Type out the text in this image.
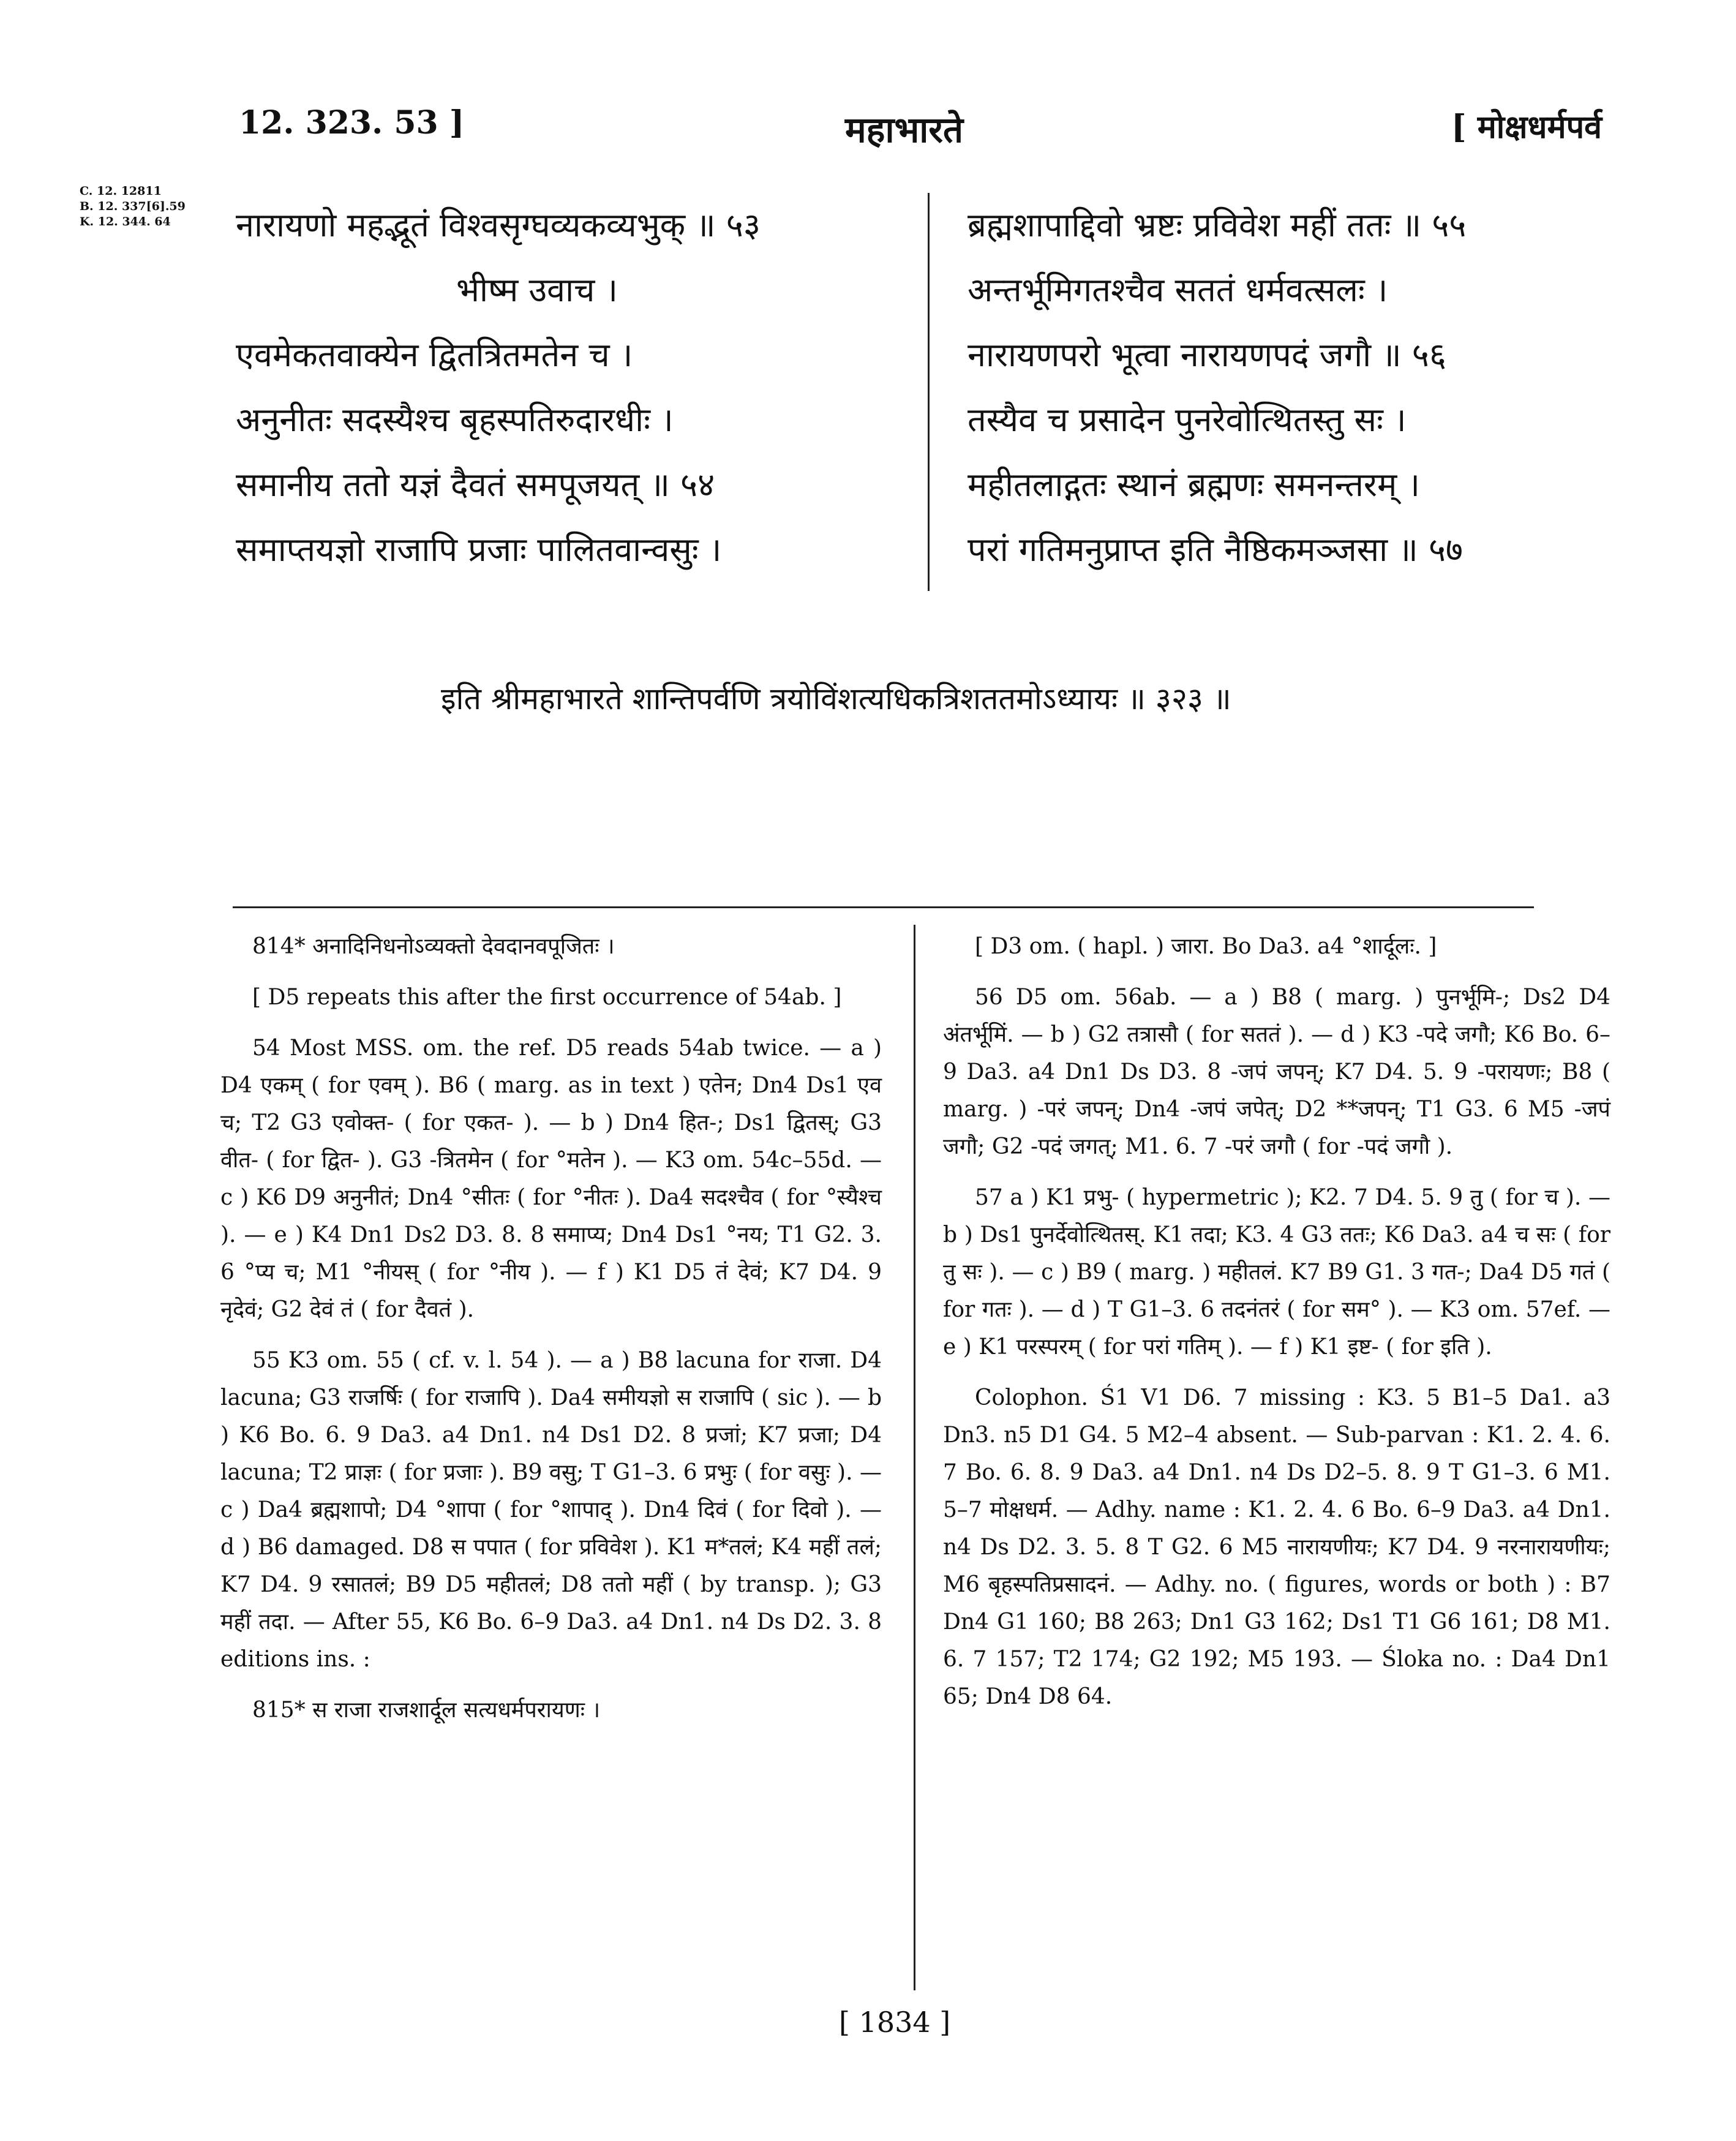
12. 323. 53 ]	महाभारते	[ मोक्षधर्मपर्व
C. 12. 12811
B. 12. 337[6].59
K. 12. 344. 64	नारायणो महद्भूतं विश्वसृग्घव्यकव्यभुक् ॥ ५३
भीष्म उवाच ।
एवमेकतवाक्येन द्वितत्रितमतेन च ।
अनुनीतः सदस्यैश्च बृहस्पतिरुदारधीः ।
समानीय ततो यज्ञं दैवतं समपूजयत् ॥ ५४
समाप्तयज्ञो राजापि प्रजाः पालितवान्वसुः ।
ब्रह्मशापाद्दिवो भ्रष्टः प्रविवेश महीं ततः ॥ ५५
अन्तर्भूमिगतश्चैव सततं धर्मवत्सलः ।
नारायणपरो भूत्वा नारायणपदं जगौ ॥ ५६
तस्यैव च प्रसादेन पुनरेवोत्थितस्तु सः ।
महीतलाद्गतः स्थानं ब्रह्मणः समनन्तरम् ।
परां गतिमनुप्राप्त इति नैष्ठिकमञ्जसा ॥ ५७
इति श्रीमहाभारते शान्तिपर्वणि त्रयोविंशत्यधिकत्रिशततमोऽध्यायः ॥ ३२३ ॥

814* अनादिनिधनोऽव्यक्तो देवदानवपूजितः ।

[ D5 repeats this after the first occurrence of 54ab. ]

54 Most MSS. om. the ref. D5 reads 54ab twice. — a ) D4 एकम् ( for एवम् ). B6 ( marg. as in text ) एतेन; Dn4 Ds1 एव च; T2 G3 एवोक्त- ( for एकत- ). — b ) Dn4 हित-; Ds1 द्वितस्; G3 वीत- ( for द्वित- ). G3 -त्रितमेन ( for °मतेन ). — K3 om. 54c–55d. — c ) K6 D9 अनुनीतं; Dn4 °सीतः ( for °नीतः ). Da4 सदश्चैव ( for °स्यैश्च ). — e ) K4 Dn1 Ds2 D3. 8. 8 समाप्य; Dn4 Ds1 °नय; T1 G2. 3. 6 °प्य च; M1 °नीयस् ( for °नीय ). — f ) K1 D5 तं देवं; K7 D4. 9 नृदेवं; G2 देवं तं ( for दैवतं ).

55 K3 om. 55 ( cf. v. l. 54 ). — a ) B8 lacuna for राजा. D4 lacuna; G3 राजर्षिः ( for राजापि ). Da4 समीयज्ञो स राजापि ( sic ). — b ) K6 Bo. 6. 9 Da3. a4 Dn1. n4 Ds1 D2. 8 प्रजां; K7 प्रजा; D4 lacuna; T2 प्राज्ञः ( for प्रजाः ). B9 वसु; T G1–3. 6 प्रभुः ( for वसुः ). — c ) Da4 ब्रह्मशापो; D4 °शापा ( for °शापाद् ). Dn4 दिवं ( for दिवो ). — d ) B6 damaged. D8 स पपात ( for प्रविवेश ). K1 म*तलं; K4 महीं तलं; K7 D4. 9 रसातलं; B9 D5 महीतलं; D8 ततो महीं ( by transp. ); G3 महीं तदा. — After 55, K6 Bo. 6–9 Da3. a4 Dn1. n4 Ds D2. 3. 8 editions ins. :

815* स राजा राजशार्दूल सत्यधर्मपरायणः ।

[ D3 om. ( hapl. ) जारा. Bo Da3. a4 °शार्दूलः. ]

56 D5 om. 56ab. — a ) B8 ( marg. ) पुनर्भूमि-; Ds2 D4 अंतर्भूमिं. — b ) G2 तत्रासौ ( for सततं ). — d ) K3 -पदे जगौ; K6 Bo. 6–9 Da3. a4 Dn1 Ds D3. 8 -जपं जपन्; K7 D4. 5. 9 -परायणः; B8 ( marg. ) -परं जपन्; Dn4 -जपं जपेत्; D2 **जपन्; T1 G3. 6 M5 -जपं जगौ; G2 -पदं जगत्; M1. 6. 7 -परं जगौ ( for -पदं जगौ ).

57 a ) K1 प्रभु- ( hypermetric ); K2. 7 D4. 5. 9 तु ( for च ). — b ) Ds1 पुनर्देवोत्थितस्. K1 तदा; K3. 4 G3 ततः; K6 Da3. a4 च सः ( for तु सः ). — c ) B9 ( marg. ) महीतलं. K7 B9 G1. 3 गत-; Da4 D5 गतं ( for गतः ). — d ) T G1–3. 6 तदनंतरं ( for सम° ). — K3 om. 57ef. — e ) K1 परस्परम् ( for परां गतिम् ). — f ) K1 इष्ट- ( for इति ).

Colophon. Ś1 V1 D6. 7 missing : K3. 5 B1–5 Da1. a3 Dn3. n5 D1 G4. 5 M2–4 absent. — Sub-parvan : K1. 2. 4. 6. 7 Bo. 6. 8. 9 Da3. a4 Dn1. n4 Ds D2–5. 8. 9 T G1–3. 6 M1. 5–7 मोक्षधर्म. — Adhy. name : K1. 2. 4. 6 Bo. 6–9 Da3. a4 Dn1. n4 Ds D2. 3. 5. 8 T G2. 6 M5 नारायणीयः; K7 D4. 9 नरनारायणीयः; M6 बृहस्पतिप्रसादनं. — Adhy. no. ( figures, words or both ) : B7 Dn4 G1 160; B8 263; Dn1 G3 162; Ds1 T1 G6 161; D8 M1. 6. 7 157; T2 174; G2 192; M5 193. — Śloka no. : Da4 Dn1 65; Dn4 D8 64.

[ 1834 ]
